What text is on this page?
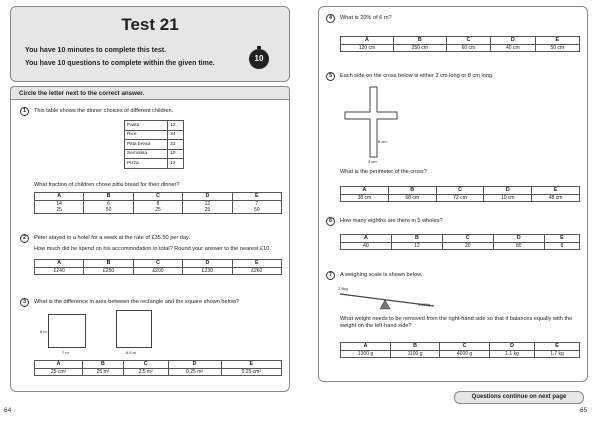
Test 21
You have 10 minutes to complete this test.
You have 10 questions to complete within the given time.
10
Circle the letter next to the correct answer.
1	This table shows the dinner choices of different children.
Pasta	12
Rice	34
Pitta bread	32
Semolina	10
Pizza	12
What fraction of children chose pitta bread for their dinner?
A	B	C	D	E
14	6	8	12	7
25	50	25	25	50
2	Peter stayed in a hotel for a week at the rate of £35.50 per day.
How much did he spend on his accommodation in total? Round your answer to the nearest £10.
A	B	C	D	E
£240	£250	£200	£230	£260
3	What is the difference in area between the rectangle and the square shown below?
6 m
7 m	6.5 m
A	B	C	D	E
25 cm²	25 m²	2.5 m²	0.25 m²	0.25 cm²
64
4	What is 20% of 6 m?
A	B	C	D	E
120 cm	250 cm	60 cm	40 cm	50 cm
5	Each side on the cross below is either 2 cm long or 8 cm long.
8 cm
2 cm
What is the perimeter of the cross?
A	B	C	D	E
38 cm	68 cm	72 cm	10 cm	48 cm
6	How many eighths are there in 5 wholes?
A	B	C	D	E
40	12	20	80	8
7	A weighing scale is shown below.
2.5kg
4,200g
What weight needs to be removed from the right-hand side so that it balances equally with the weight on the left-hand side?
A	B	C	D	E
1300 g	1100 g	4000 g	1.1 kg	1.7 kg
Questions continue on next page
65
